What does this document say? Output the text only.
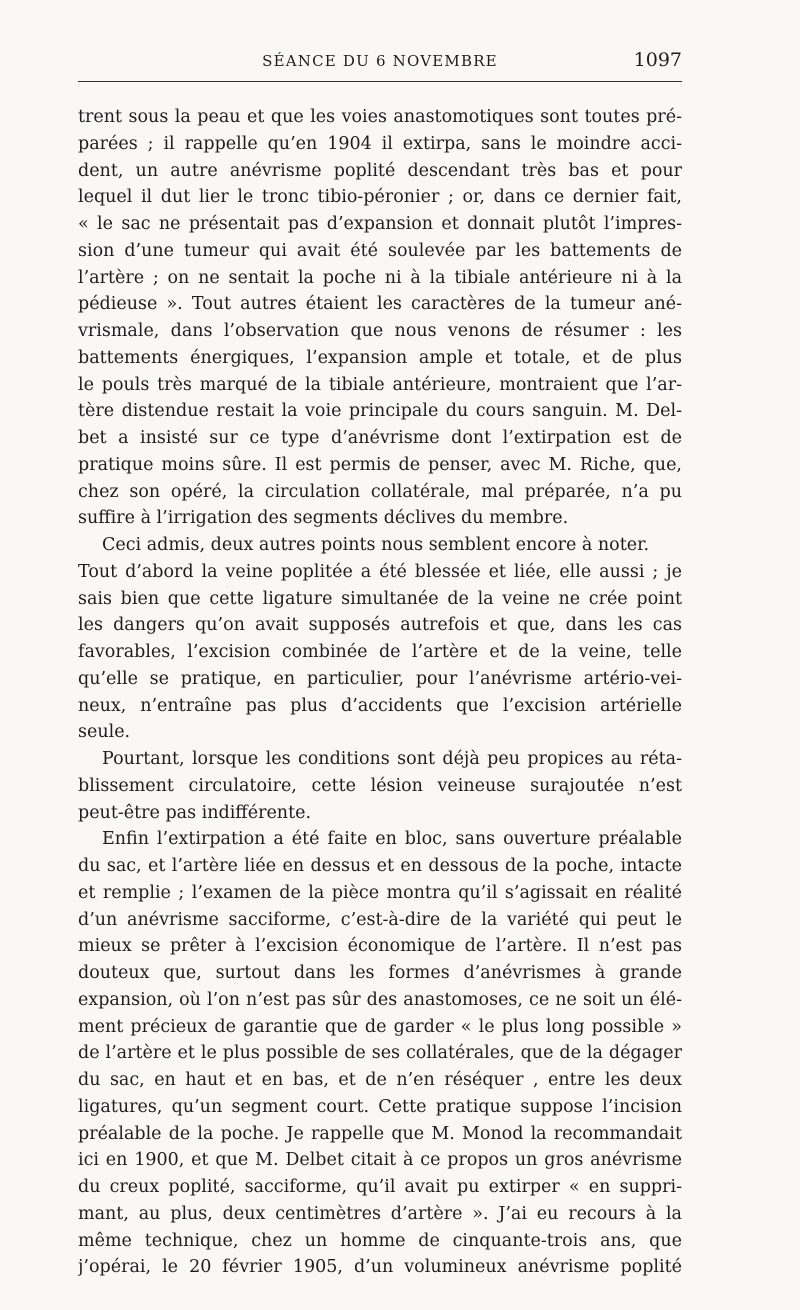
SÉANCE DU 6 NOVEMBRE	1097
trent sous la peau et que les voies anastomotiques sont toutes pré-
parées ; il rappelle qu’en 1904 il extirpa, sans le moindre acci-
dent, un autre anévrisme poplité descendant très bas et pour
lequel il dut lier le tronc tibio-péronier ; or, dans ce dernier fait,
« le sac ne présentait pas d’expansion et donnait plutôt l’impres-
sion d’une tumeur qui avait été soulevée par les battements de
l’artère ; on ne sentait la poche ni à la tibiale antérieure ni à la
pédieuse ». Tout autres étaient les caractères de la tumeur ané-
vrismale, dans l’observation que nous venons de résumer : les
battements énergiques, l’expansion ample et totale, et de plus
le pouls très marqué de la tibiale antérieure, montraient que l’ar-
tère distendue restait la voie principale du cours sanguin. M. Del-
bet a insisté sur ce type d’anévrisme dont l’extirpation est de
pratique moins sûre. Il est permis de penser, avec M. Riche, que,
chez son opéré, la circulation collatérale, mal préparée, n’a pu
suffire à l’irrigation des segments déclives du membre.
Ceci admis, deux autres points nous semblent encore à noter.
Tout d’abord la veine poplitée a été blessée et liée, elle aussi ; je
sais bien que cette ligature simultanée de la veine ne crée point
les dangers qu’on avait supposés autrefois et que, dans les cas
favorables, l’excision combinée de l’artère et de la veine, telle
qu’elle se pratique, en particulier, pour l’anévrisme artério-vei-
neux, n’entraîne pas plus d’accidents que l’excision artérielle
seule.
Pourtant, lorsque les conditions sont déjà peu propices au réta-
blissement circulatoire, cette lésion veineuse surajoutée n’est
peut-être pas indifférente.
Enfin l’extirpation a été faite en bloc, sans ouverture préalable
du sac, et l’artère liée en dessus et en dessous de la poche, intacte
et remplie ; l’examen de la pièce montra qu’il s’agissait en réalité
d’un anévrisme sacciforme, c’est-à-dire de la variété qui peut le
mieux se prêter à l’excision économique de l’artère. Il n’est pas
douteux que, surtout dans les formes d’anévrismes à grande
expansion, où l’on n’est pas sûr des anastomoses, ce ne soit un élé-
ment précieux de garantie que de garder « le plus long possible »
de l’artère et le plus possible de ses collatérales, que de la dégager
du sac, en haut et en bas, et de n’en réséquer , entre les deux
ligatures, qu’un segment court. Cette pratique suppose l’incision
préalable de la poche. Je rappelle que M. Monod la recommandait
ici en 1900, et que M. Delbet citait à ce propos un gros anévrisme
du creux poplité, sacciforme, qu’il avait pu extirper « en suppri-
mant, au plus, deux centimètres d’artère ». J’ai eu recours à la
même technique, chez un homme de cinquante-trois ans, que
j’opérai, le 20 février 1905, d’un volumineux anévrisme poplité
